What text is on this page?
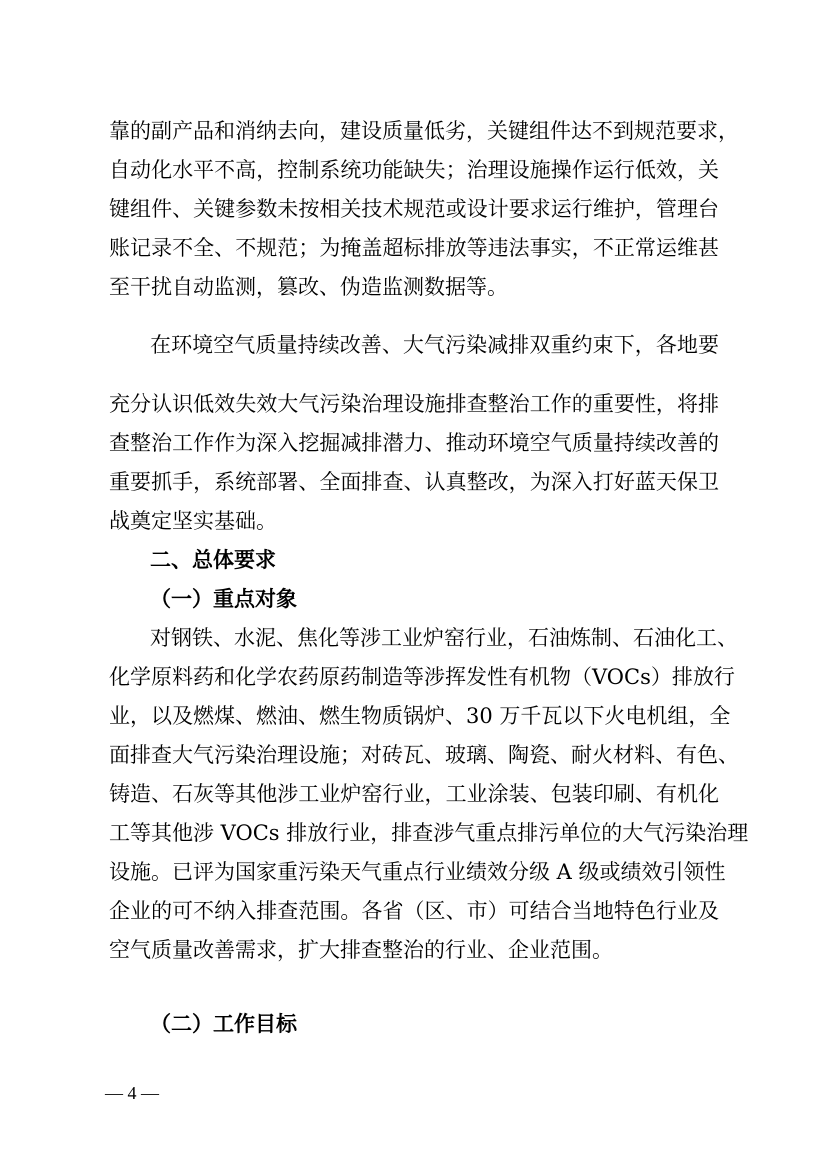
靠的副产品和消纳去向，建设质量低劣，关键组件达不到规范要求，
自动化水平不高，控制系统功能缺失；治理设施操作运行低效，关
键组件、关键参数未按相关技术规范或设计要求运行维护，管理台
账记录不全、不规范；为掩盖超标排放等违法事实，不正常运维甚
至干扰自动监测，篡改、伪造监测数据等。
在环境空气质量持续改善、大气污染减排双重约束下，各地要
充分认识低效失效大气污染治理设施排查整治工作的重要性，将排
查整治工作作为深入挖掘减排潜力、推动环境空气质量持续改善的
重要抓手，系统部署、全面排查、认真整改，为深入打好蓝天保卫
战奠定坚实基础。
二、总体要求
（一）重点对象
对钢铁、水泥、焦化等涉工业炉窑行业，石油炼制、石油化工、
化学原料药和化学农药原药制造等涉挥发性有机物（VOCs）排放行
业，以及燃煤、燃油、燃生物质锅炉、30 万千瓦以下火电机组，全
面排查大气污染治理设施；对砖瓦、玻璃、陶瓷、耐火材料、有色、
铸造、石灰等其他涉工业炉窑行业，工业涂装、包装印刷、有机化
工等其他涉 VOCs 排放行业，排查涉气重点排污单位的大气污染治理
设施。已评为国家重污染天气重点行业绩效分级 A 级或绩效引领性
企业的可不纳入排查范围。各省（区、市）可结合当地特色行业及
空气质量改善需求，扩大排查整治的行业、企业范围。
（二）工作目标
— 4 —
